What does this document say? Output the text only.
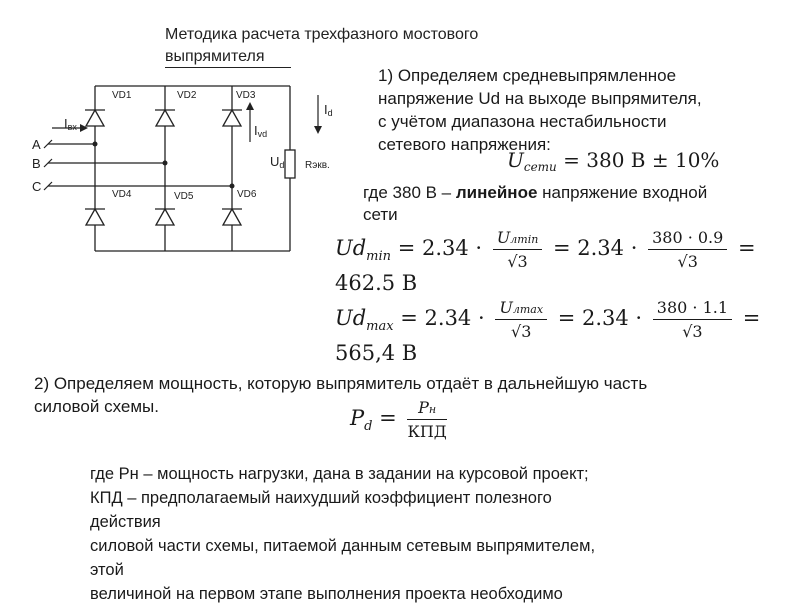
Методика расчета трехфазного мостового
выпрямителя
VD1	VD2	VD3
VD4	VD5	VD6
A
B
C
Iвх	Ivd
Id
Ud Rэкв.
1) Определяем средневыпрямленное
напряжение Ud на выходе выпрямителя,
с учётом диапазона нестабильности
сетевого напряжения:
$U_{сети} = 380$ В ± 10%
где 380 В – линейное напряжение входной
сети
$Ud_{min} = 2.34 \cdot \frac{Uл\min}{√3} = 2.34 \cdot \frac{380 \cdot 0.9}{√3} = 462.5$ В
$Ud_{max} = 2.34 \cdot \frac{Uл\max}{√3} = 2.34 \cdot \frac{380 \cdot 1.1}{√3} = 565,4$ В
2) Определяем мощность, которую выпрямитель отдаёт в дальнейшую часть
силовой схемы.	$P_d = \frac{Pн}{\text{КПД}}$

где Pн – мощность нагрузки, дана в задании на курсовой проект;

КПД – предполагаемый наихудший коэффициент полезного

действия

силовой части схемы, питаемой данным сетевым выпрямителем,

этой

величиной на первом этапе выполнения проекта необходимо
